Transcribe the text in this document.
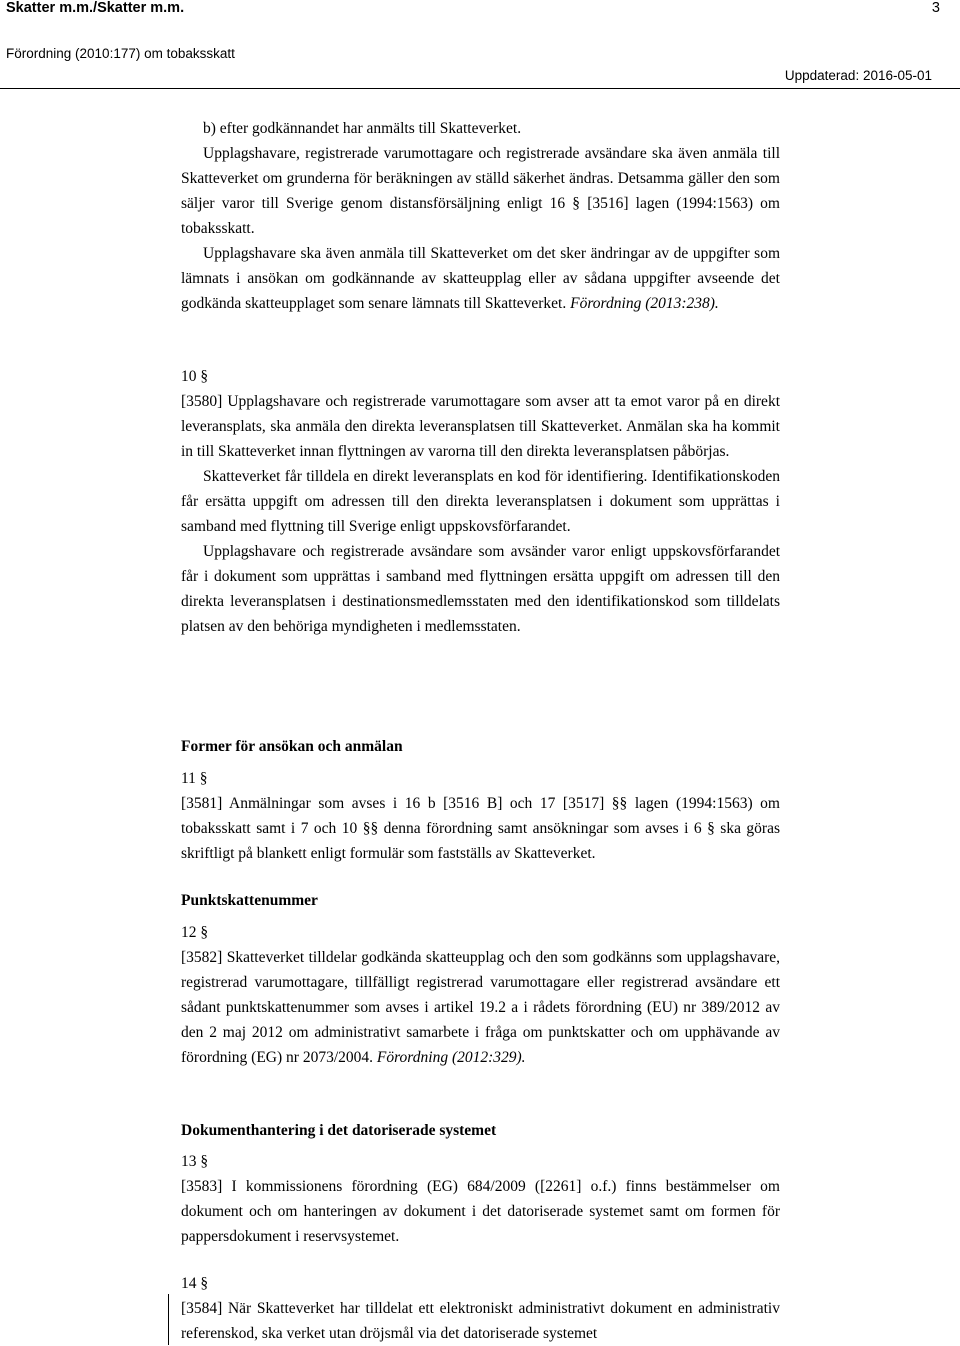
Skatter m.m./Skatter m.m.	3
Förordning (2010:177) om tobaksskatt
Uppdaterad: 2016-05-01

b) efter godkännandet har anmälts till Skatteverket.

Upplagshavare, registrerade varumottagare och registrerade avsändare ska även anmäla till Skatteverket om grunderna för beräkningen av ställd säkerhet ändras. Detsamma gäller den som säljer varor till Sverige genom distansförsäljning enligt 16 § [3516] lagen (1994:1563) om tobaksskatt.

Upplagshavare ska även anmäla till Skatteverket om det sker ändringar av de uppgifter som lämnats i ansökan om godkännande av skatteupplag eller av sådana uppgifter avseende det godkända skatteupplaget som senare lämnats till Skatteverket. Förordning (2013:238).

10 §

[3580] Upplagshavare och registrerade varumottagare som avser att ta emot varor på en direkt leveransplats, ska anmäla den direkta leveransplatsen till Skatteverket. Anmälan ska ha kommit in till Skatteverket innan flyttningen av varorna till den direkta leveransplatsen påbörjas.

Skatteverket får tilldela en direkt leveransplats en kod för identifiering. Identifikationskoden får ersätta uppgift om adressen till den direkta leveransplatsen i dokument som upprättas i samband med flyttning till Sverige enligt uppskovsförfarandet.

Upplagshavare och registrerade avsändare som avsänder varor enligt uppskovsförfarandet får i dokument som upprättas i samband med flyttningen ersätta uppgift om adressen till den direkta leveransplatsen i destinationsmedlemsstaten med den identifikationskod som tilldelats platsen av den behöriga myndigheten i medlemsstaten.

Former för ansökan och anmälan

11 §

[3581] Anmälningar som avses i 16 b [3516 B] och 17 [3517] §§ lagen (1994:1563) om tobaksskatt samt i 7 och 10 §§ denna förordning samt ansökningar som avses i 6 § ska göras skriftligt på blankett enligt formulär som fastställs av Skatteverket.

Punktskattenummer

12 §

[3582] Skatteverket tilldelar godkända skatteupplag och den som godkänns som upplagshavare, registrerad varumottagare, tillfälligt registrerad varumottagare eller registrerad avsändare ett sådant punktskattenummer som avses i artikel 19.2 a i rådets förordning (EU) nr 389/2012 av den 2 maj 2012 om administrativt samarbete i fråga om punktskatter och om upphävande av förordning (EG) nr 2073/2004. Förordning (2012:329).

Dokumenthantering i det datoriserade systemet

13 §

[3583] I kommissionens förordning (EG) 684/2009 ([2261] o.f.) finns bestämmelser om dokument och om hanteringen av dokument i det datoriserade systemet samt om formen för pappersdokument i reservsystemet.

14 §

[3584] När Skatteverket har tilldelat ett elektroniskt administrativt dokument en administrativ referenskod, ska verket utan dröjsmål via det datoriserade systemet
